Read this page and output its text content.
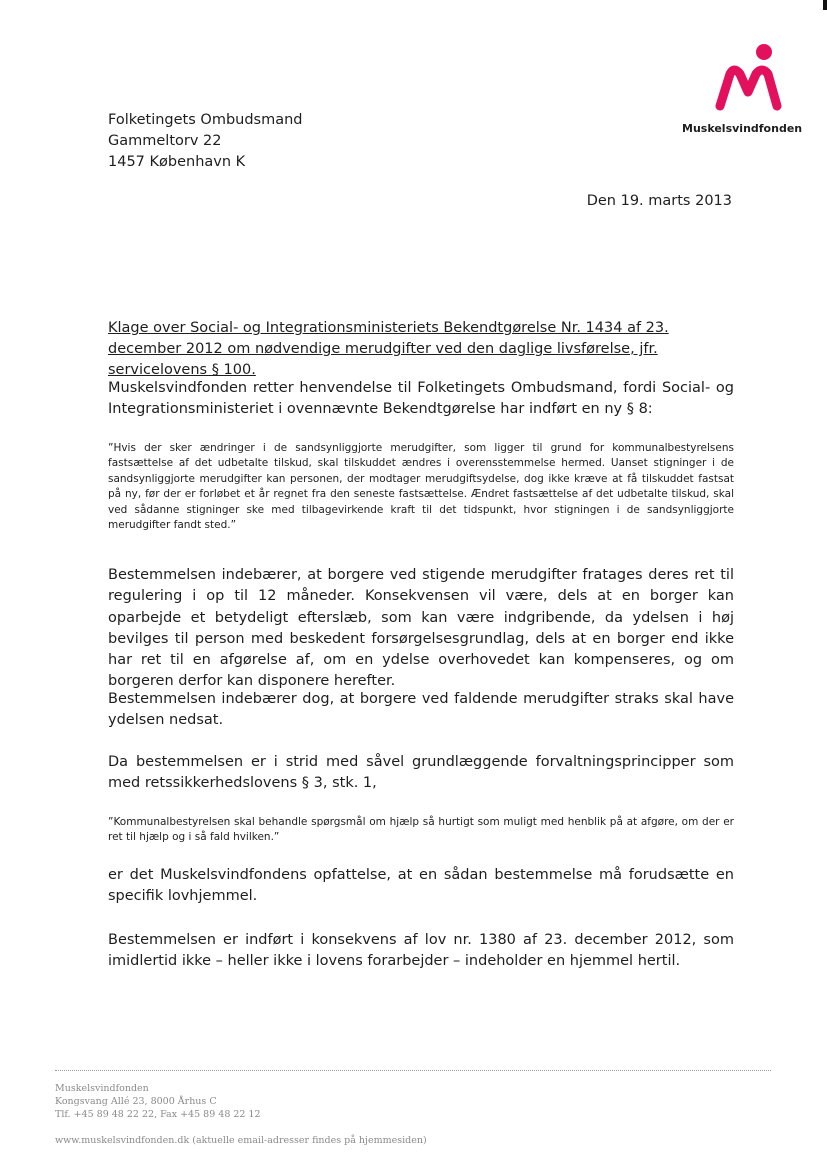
Folketingets Ombudsmand
Gammeltorv 22
1457 København K
Muskelsvindfonden
Den 19. marts 2013
Klage over Social- og Integrationsministeriets Bekendtgørelse Nr. 1434 af 23. december 2012 om nødvendige merudgifter ved den daglige livsførelse, jfr. servicelovens § 100.
Muskelsvindfonden retter henvendelse til Folketingets Ombudsmand, fordi Social- og Integrationsministeriet i ovennævnte Bekendtgørelse har indført en ny § 8:
”Hvis der sker ændringer i de sandsynliggjorte merudgifter, som ligger til grund for kommunalbestyrelsens fastsættelse af det udbetalte tilskud, skal tilskuddet ændres i overensstemmelse hermed. Uanset stigninger i de sandsynliggjorte merudgifter kan personen, der modtager merudgiftsydelse, dog ikke kræve at få tilskuddet fastsat på ny, før der er forløbet et år regnet fra den seneste fastsættelse. Ændret fastsættelse af det udbetalte tilskud, skal ved sådanne stigninger ske med tilbagevirkende kraft til det tidspunkt, hvor stigningen i de sandsynliggjorte merudgifter fandt sted.”
Bestemmelsen indebærer, at borgere ved stigende merudgifter fratages deres ret til regulering i op til 12 måneder. Konsekvensen vil være, dels at en borger kan oparbejde et betydeligt efterslæb, som kan være indgribende, da ydelsen i høj bevilges til person med beskedent forsørgelsesgrundlag, dels at en borger end ikke har ret til en afgørelse af, om en ydelse overhovedet kan kompenseres, og om borgeren derfor kan disponere herefter.
Bestemmelsen indebærer dog, at borgere ved faldende merudgifter straks skal have ydelsen nedsat.
Da bestemmelsen er i strid med såvel grundlæggende forvaltningsprincipper som med retssikkerhedslovens § 3, stk. 1,
”Kommunalbestyrelsen skal behandle spørgsmål om hjælp så hurtigt som muligt med henblik på at afgøre, om der er ret til hjælp og i så fald hvilken.”
er det Muskelsvindfondens opfattelse, at en sådan bestemmelse må forudsætte en specifik lovhjemmel.
Bestemmelsen er indført i konsekvens af lov nr. 1380 af 23. december 2012, som imidlertid ikke – heller ikke i lovens forarbejder – indeholder en hjemmel hertil.
Muskelsvindfonden
Kongsvang Allé 23, 8000 Århus C
Tlf. +45 89 48 22 22, Fax +45 89 48 22 12
www.muskelsvindfonden.dk (aktuelle email-adresser findes på hjemmesiden)
